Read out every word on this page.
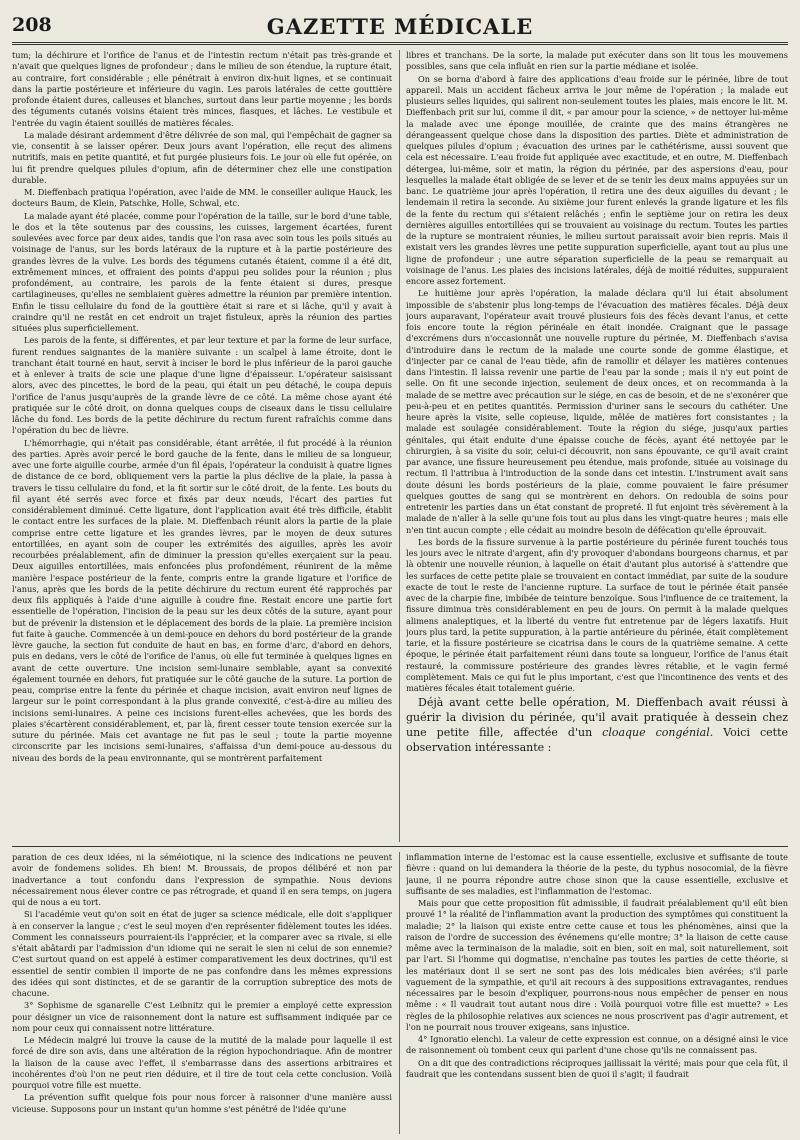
208	GAZETTE MÉDICALE

tum; la déchirure et l'orifice de l'anus et de l'intestin rectum n'était pas très-grande et n'avait que quelques lignes de profondeur ; dans le milieu de son étendue, la rupture était, au contraire, fort considérable ; elle pénétrait à environ dix-huit lignes, et se continuait dans la partie postérieure et inférieure du vagin. Les parois latérales de cette gouttière profonde étaient dures, calleuses et blanches, surtout dans leur partie moyenne ; les bords des téguments cutanés voisins étaient très minces, flasques, et lâches. Le vestibule et l'entrée du vagin étaient souillés de matières fécales.

La malade désirant ardemment d'être délivrée de son mal, qui l'empêchait de gagner sa vie, consentit à se laisser opérer. Deux jours avant l'opération, elle reçut des alimens nutritifs, mais en petite quantité, et fut purgée plusieurs fois. Le jour où elle fut opérée, on lui fit prendre quelques pilules d'opium, afin de déterminer chez elle une constipation durable.

M. Dieffenbach pratiqua l'opération, avec l'aide de MM. le conseiller aulique Hauck, les docteurs Baum, de Klein, Patschke, Holle, Schwal, etc.

La malade ayant été placée, comme pour l'opération de la taille, sur le bord d'une table, le dos et la tête soutenus par des coussins, les cuisses, largement écartées, furent soulevées avec force par deux aides, tandis que l'on rasa avec soin tous les poils situés au voisinage de l'anus, sur les bords latéraux de la rupture et à la partie postérieure des grandes lèvres de la vulve. Les bords des tégumens cutanés étaient, comme il a été dit, extrêmement minces, et offraient des points d'appui peu solides pour la réunion ; plus profondément, au contraire, les parois de la fente étaient si dures, presque cartilagineuses, qu'elles ne semblaient guères admettre la réunion par première intention. Enfin le tissu cellulaire du fond de la gouttière était si rare et si lâche, qu'il y avait à craindre qu'il ne restât en cet endroit un trajet fistuleux, après la réunion des parties situées plus superficiellement.

Les parois de la fente, si différentes, et par leur texture et par la forme de leur surface, furent rendues saignantes de la manière suivante : un scalpel à lame étroite, dont le tranchant était tourné en haut, servit à inciser le bord le plus inférieur de la paroi gauche et à enlever à traits de scie une plaque d'une ligne d'épaisseur. L'opérateur saisissant alors, avec des pincettes, le bord de la peau, qui était un peu détaché, le coupa depuis l'orifice de l'anus jusqu'auprès de la grande lèvre de ce côté. La même chose ayant été pratiquée sur le côté droit, on donna quelques coups de ciseaux dans le tissu cellulaire lâche du fond. Les bords de la petite déchirure du rectum furent rafraîchis comme dans l'opération du bec de lièvre.

L'hémorrhagie, qui n'était pas considérable, étant arrêtée, il fut procédé à la réunion des parties. Après avoir percé le bord gauche de la fente, dans le milieu de sa longueur, avec une forte aiguille courbe, armée d'un fil épais, l'opérateur la conduisit à quatre lignes de distance de ce bord, obliquement vers la partie la plus déclive de la plaie, la passa à travers le tissu cellulaire du fond, et la fit sortir sur le côté droit, de la fente. Les bouts du fil ayant été serrés avec force et fixés par deux nœuds, l'écart des parties fut considérablement diminué. Cette ligature, dont l'application avait été très difficile, établit le contact entre les surfaces de la plaie. M. Dieffenbach réunit alors la partie de la plaie comprise entre cette ligature et les grandes lèvres, par le moyen de deux sutures entortillées, en ayant soin de couper les extrémités des aiguilles, après les avoir recourbées préalablement, afin de diminuer la pression qu'elles exerçaient sur la peau. Deux aiguilles entortillées, mais enfoncées plus profondément, réunirent de la même manière l'espace postérieur de la fente, compris entre la grande ligature et l'orifice de l'anus, après que les bords de la petite déchirure du rectum eurent été rapprochés par deux fils appliqués à l'aide d'une aiguille à coudre fine. Restait encore une partie fort essentielle de l'opération, l'incision de la peau sur les deux côtés de la suture, ayant pour but de prévenir la distension et le déplacement des bords de la plaie. La première incision fut faite à gauche. Commencée à un demi-pouce en dehors du bord postérieur de la grande lèvre gauche, la section fut conduite de haut en bas, en forme d'arc, d'abord en dehors, puis en dedans, vers le côté de l'orifice de l'anus, où elle fut terminée à quelques lignes en avant de cette ouverture. Une incision semi-lunaire semblable, ayant sa convexité également tournée en dehors, fut pratiquée sur le côté gauche de la suture. La portion de peau, comprise entre la fente du périnée et chaque incision, avait environ neuf lignes de largeur sur le point correspondant à la plus grande convexité, c'est-à-dire au milieu des incisions semi-lunaires. A peine ces incisions furent-elles achevées, que les bords des plaies s'écartèrent considérablement, et, par là, firent cesser toute tension exercée sur la suture du périnée. Mais cet avantage ne fut pas le seul ; toute la partie moyenne circonscrite par les incisions semi-lunaires, s'affaissa d'un demi-pouce au-dessous du niveau des bords de la peau environnante, qui se montrèrent parfaitement

libres et tranchans. De la sorte, la malade put exécuter dans son lit tous les mouvemens possibles, sans que cela influât en rien sur la partie médiane et isolée.

On se borna d'abord à faire des applications d'eau froide sur le périnée, libre de tout appareil. Mais un accident fâcheux arriva le jour même de l'opération ; la malade eut plusieurs selles liquides, qui salirent non-seulement toutes les plaies, mais encore le lit. M. Dieffenbach prit sur lui, comme il dit, « par amour pour la science, » de nettoyer lui-même la malade avec une éponge mouillée, de crainte que des mains étrangères ne dérangeassent quelque chose dans la disposition des parties. Diète et administration de quelques pilules d'opium ; évacuation des urines par le cathétérisme, aussi souvent que cela est nécessaire. L'eau froide fut appliquée avec exactitude, et en outre, M. Dieffenbach détergea, lui-même, soir et matin, la région du périnée, par des aspersions d'eau, pour lesquelles la malade était obligée de se lever et de se tenir les deux mains appuyées sur un banc. Le quatrième jour après l'opération, il retira une des deux aiguilles du devant ; le lendemain il retira la seconde. Au sixième jour furent enlevés la grande ligature et les fils de la fente du rectum qui s'étaient relâchés ; enfin le septième jour on retira les deux dernières aiguilles entortillées qui se trouvaient au voisinage du rectum. Toutes les parties de la rupture se montraient réunies, le milieu surtout paraissait avoir bien repris. Mais il existait vers les grandes lèvres une petite suppuration superficielle, ayant tout au plus une ligne de profondeur ; une autre séparation superficielle de la peau se remarquait au voisinage de l'anus. Les plaies des incisions latérales, déjà de moitié réduites, suppuraient encore assez fortement.

Le huitième jour après l'opération, la malade déclara qu'il lui était absolument impossible de s'abstenir plus long-temps de l'évacuation des matières fécales. Déjà deux jours auparavant, l'opérateur avait trouvé plusieurs fois des fécès devant l'anus, et cette fois encore toute la région périnéale en était inondée. Craignant que le passage d'excrémens durs n'occasionnât une nouvelle rupture du périnée, M. Dieffenbach s'avisa d'introduire dans le rectum de la malade une courte sonde de gomme élastique, et d'injecter par ce canal de l'eau tiède, afin de ramollir et délayer les matières contenues dans l'intestin. Il laissa revenir une partie de l'eau par la sonde ; mais il n'y eut point de selle. On fit une seconde injection, seulement de deux onces, et on recommanda à la malade de se mettre avec précaution sur le siége, en cas de besoin, et de ne s'exonérer que peu-à-peu et en petites quantités. Permission d'uriner sans le secours du cathéter. Une heure après la visite, selle copieuse, liquide, mêlée de matières fort consistantes ; la malade est soulagée considérablement. Toute la région du siége, jusqu'aux parties génitales, qui était enduite d'une épaisse couche de fécès, ayant été nettoyée par le chirurgien, à sa visite du soir, celui-ci découvrit, non sans épouvante, ce qu'il avait craint par avance, une fissure heureusement peu étendue, mais profonde, située au voisinage du rectum. Il l'attribua à l'introduction de la sonde dans cet intestin. L'instrument avait sans doute désuni les bords postérieurs de la plaie, comme pouvaient le faire présumer quelques gouttes de sang qui se montrèrent en dehors. On redoubla de soins pour entretenir les parties dans un état constant de propreté. Il fut enjoint très sévèrement à la malade de n'aller à la selle qu'une fois tout au plus dans les vingt-quatre heures ; mais elle n'en tint aucun compte ; elle cédait au moindre besoin de défécation qu'elle éprouvait.

Les bords de la fissure survenue à la partie postérieure du périnée furent touchés tous les jours avec le nitrate d'argent, afin d'y provoquer d'abondans bourgeons charnus, et par là obtenir une nouvelle réunion, à laquelle on était d'autant plus autorisé à s'attendre que les surfaces de cette petite plaie se trouvaient en contact immédiat, par suite de la soudure exacte de tout le reste de l'ancienne rupture. La surface de tout le périnée était pansée avec de la charpie fine, imbibée de teinture benzoïque. Sous l'influence de ce traitement, la fissure diminua très considérablement en peu de jours. On permit à la malade quelques alimens analeptiques, et la liberté du ventre fut entretenue par de légers laxatifs. Huit jours plus tard, la petite suppuration, à la partie antérieure du périnée, était complètement tarie, et la fissure postérieure se cicatrisa dans le cours de la quatrième semaine. A cette époque, le périnée était parfaitement réuni dans toute sa longueur, l'orifice de l'anus était restauré, la commissure postérieure des grandes lèvres rétablie, et le vagin fermé complètement. Mais ce qui fut le plus important, c'est que l'incontinence des vents et des matières fécales était totalement guérie.

Déjà avant cette belle opération, M. Dieffenbach avait réussi à guérir la division du périnée, qu'il avait pratiquée à dessein chez une petite fille, affectée d'un cloaque congénial. Voici cette observation intéressante :

paration de ces deux idées, ni la séméiotique, ni la science des indications ne peuvent avoir de fondemens solides. Eh bien! M. Broussais, de propos délibéré et non par inadvertance a tout confondu dans l'expression de sympathie. Nous devions nécessairement nous élever contre ce pas rétrograde, et quand il en sera temps, on jugera qui de nous a eu tort.

Si l'académie veut qu'on soit en état de juger sa science médicale, elle doit s'appliquer à en conserver la langue ; c'est le seul moyen d'en représenter fidèlement toutes les idées. Comment les connaisseurs pourraient-ils l'apprécier, et la comparer avec sa rivale, si elle s'était abâtardi par l'admission d'un idiome qui ne serait le sien ni celui de son ennemie? C'est surtout quand on est appelé à estimer comparativement les deux doctrines, qu'il est essentiel de sentir combien il importe de ne pas confondre dans les mêmes expressions des idées qui sont distinctes, et de se garantir de la corruption subreptice des mots de chacune.

3° Sophisme de sganarelle C'est Leibnitz qui le premier a employé cette expression pour désigner un vice de raisonnement dont la nature est suffisamment indiquée par ce nom pour ceux qui connaissent notre littérature.

Le Médecin malgré lui trouve la cause de la mutité de la malade pour laquelle il est forcé de dire son avis, dans une altération de la région hypochondriaque. Afin de montrer la liaison de la cause avec l'effet, il s'embarrasse dans des assertions arbitraires et incohérentes d'où l'on ne peut rien déduire, et il tire de tout cela cette conclusion. Voilà pourquoi votre fille est muette.

La prévention suffit quelque fois pour nous forcer à raisonner d'une manière aussi vicieuse. Supposons pour un instant qu'un homme s'est pénétré de l'idée qu'une

inflammation interne de l'estomac est la cause essentielle, exclusive et suffisante de toute fièvre : quand on lui demandera la théorie de la peste, du typhus nosocomial, de la fièvre jaune, il ne pourra répondre autre chose sinon que la cause essentielle, exclusive et suffisante de ses maladies, est l'inflammation de l'estomac.

Mais pour que cette proposition fût admissible, il faudrait préalablement qu'il eût bien prouvé 1° la réalité de l'inflammation avant la production des symptômes qui constituent la maladie; 2° la liaison qui existe entre cette cause et tous les phénomènes, ainsi que la raison de l'ordre de succession des événemens qu'elle montre; 3° la liaison de cette cause même avec la terminaison de la maladie, soit en bien, soit en mal, soit naturellement, soit par l'art. Si l'homme qui dogmatise, n'enchaîne pas toutes les parties de cette théorie, si les matériaux dont il se sert ne sont pas des lois médicales bien avérées; s'il parle vaguement de la sympathie, et qu'il ait recours à des suppositions extravagantes, rendues nécessaires par le besoin d'expliquer, pourrons-nous nous empêcher de penser en nous même : « Il vaudrait tout autant nous dire : Voilà pourquoi votre fille est muette? » Les règles de la philosophie relatives aux sciences ne nous proscrivent pas d'agir autrement, et l'on ne pourrait nous trouver exigeans, sans injustice.

4° Ignoratio elenchi. La valeur de cette expression est connue, on a désigné ainsi le vice de raisonnement où tombent ceux qui parlent d'une chose qu'ils ne connaissent pas.

On a dit que des contradictions réciproques jaillissait la vérité; mais pour que cela fût, il faudrait que les contendans sussent bien de quoi il s'agit; il faudrait
